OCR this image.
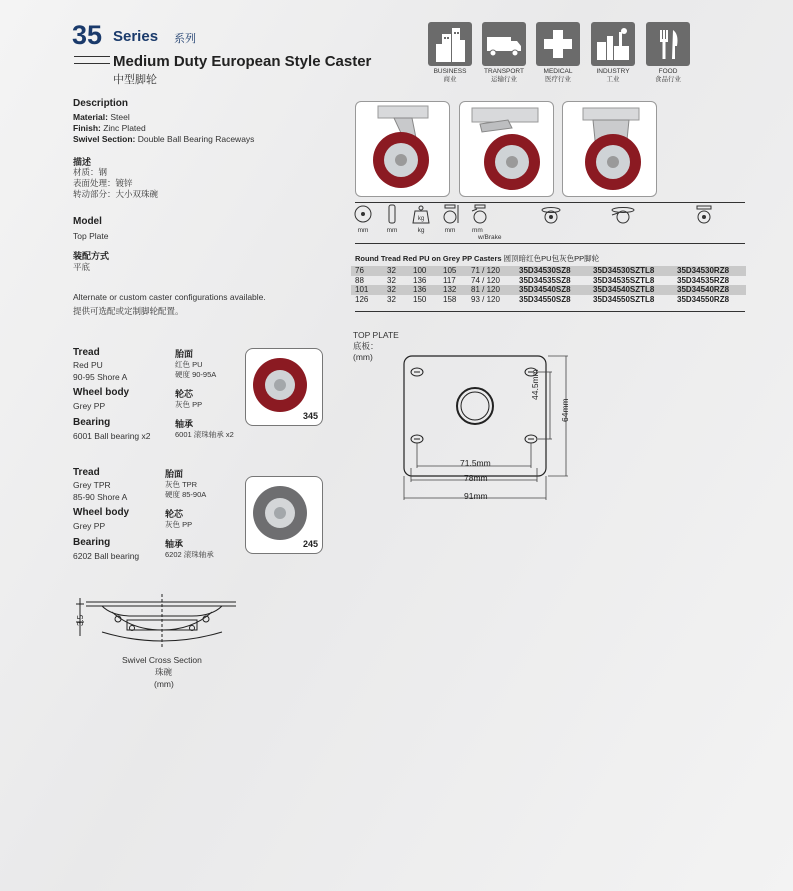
35 Series 系列
Medium Duty European Style Caster
中型脚轮
BUSINESS
商业
TRANSPORT
运输行业
MEDICAL
医疗行业
INDUSTRY
工业
FOOD
食品行业
Description
Material: Steel
Finish: Zinc Plated
Swivel Section: Double Ball Bearing Raceways
描述
材质：钢
表面处理：镀锌
转动部分：大小双珠碗
Model
Top Plate
装配方式
平底
Alternate or custom caster configurations available.
提供可选配或定制脚轮配置。
mm	mm
kg
kg	mm	mm
w/Brake
Round Tread Red PU on Grey PP Casters 圆顶暗红色PU包灰色PP脚轮
76	32	100	105	71 / 120	35D34530SZ8	35D34530SZTL8	35D34530RZ8
88	32	136	117	74 / 120	35D34535SZ8	35D34535SZTL8	35D34535RZ8
101	32	136	132	81 / 120	35D34540SZ8	35D34540SZTL8	35D34540RZ8
126	32	150	158	93 / 120	35D34550SZ8	35D34550SZTL8	35D34550RZ8
TOP PLATE
底板：
(mm)
71.5mm
78mm
91mm
44.5mm
64mm
Tread
Red PU
90-95 Shore A
胎面
红色 PU
硬度 90-95A
Wheel body
Grey PP
轮芯
灰色 PP
Bearing
6001 Ball bearing x2
轴承
6001 滚珠轴承 x2
345
Tread
Grey TPR
85-90 Shore A
胎面
灰色 TPR
硬度 85-90A
Wheel body
Grey PP
轮芯
灰色 PP
Bearing
6202 Ball bearing
轴承
6202 滚珠轴承
245
3.5
Swivel Cross Section
珠碗
(mm)
